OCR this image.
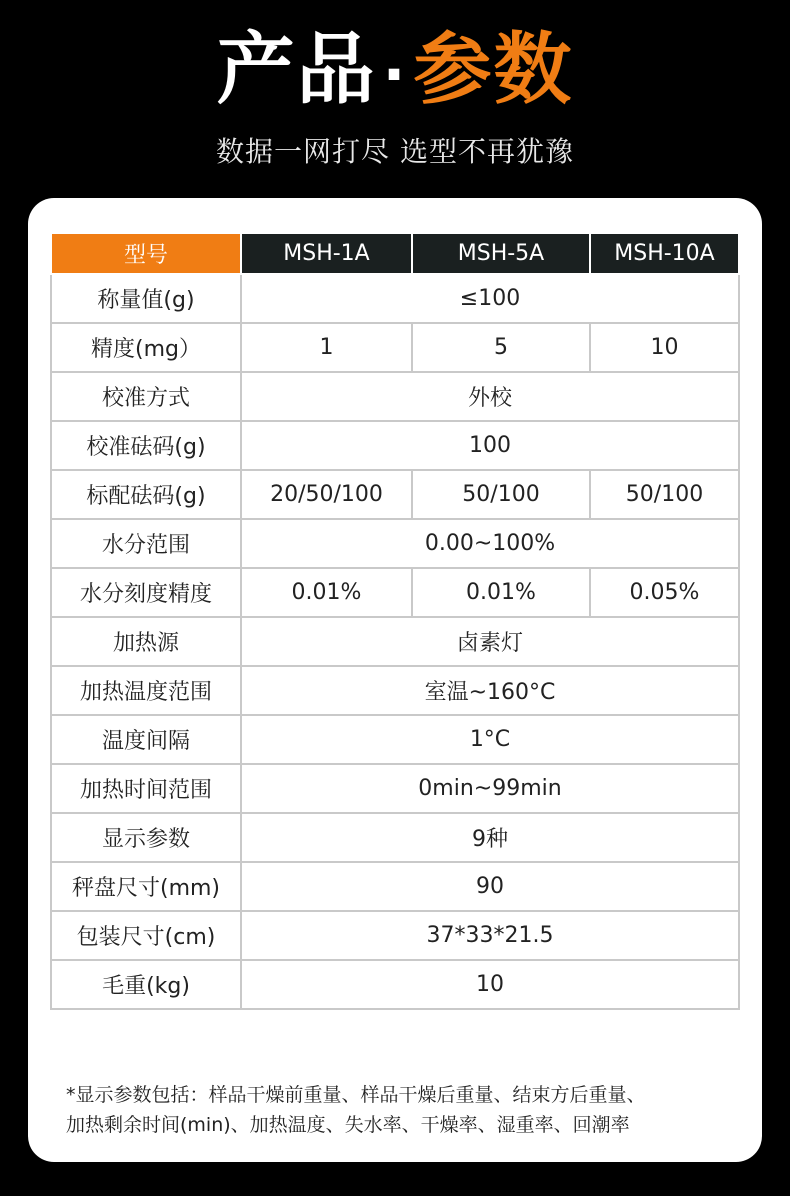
产品 ·参数
数据一网打尽 选型不再犹豫
型号	MSH-1A	MSH-5A	MSH-10A
称量值(g)	≤100		
精度(mg）	1	5	10
校准方式	外校		
校准砝码(g)	100		
标配砝码(g)	20/50/100	50/100	50/100
水分范围	0.00~100%		
水分刻度精度	0.01%	0.01%	0.05%
加热源	卤素灯		
加热温度范围	室温~160°C		
温度间隔	1°C		
加热时间范围	0min~99min		
显示参数	9种		
秤盘尺寸(mm)	90		
包装尺寸(cm)	37*33*21.5		
毛重(kg)	10		
*显示参数包括：样品干燥前重量、样品干燥后重量、结束方后重量、
加热剩余时间(min)、加热温度、失水率、干燥率、湿重率、回潮率
